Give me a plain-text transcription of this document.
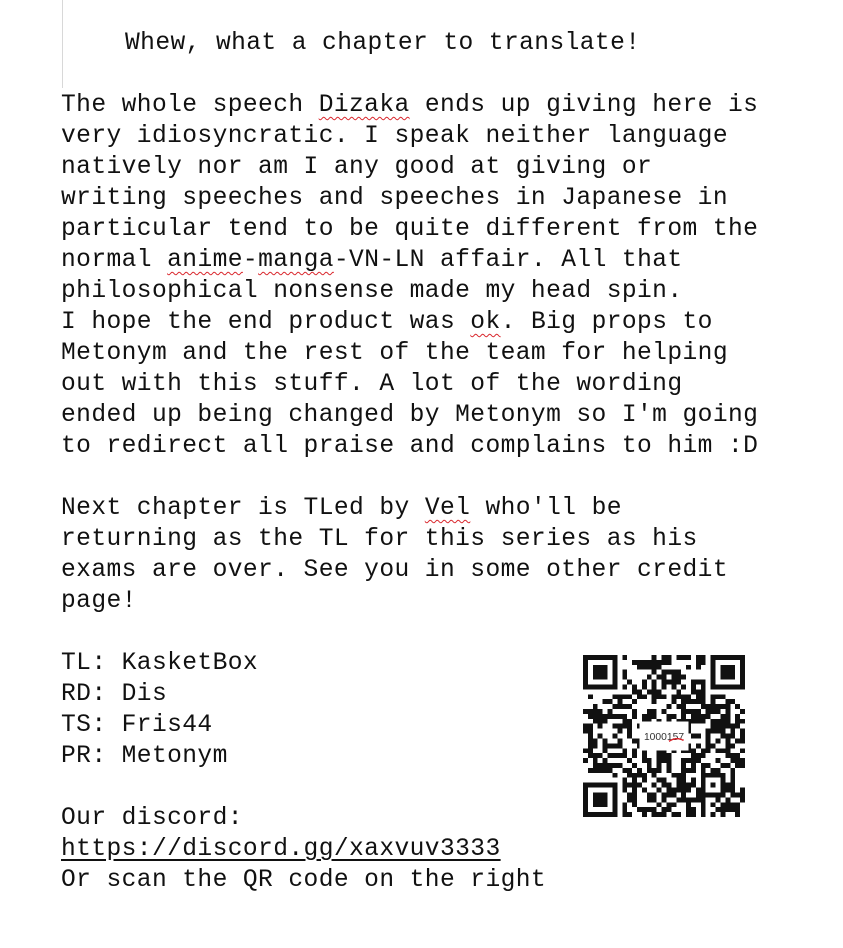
Whew, what a chapter to translate!
The whole speech Dizaka ends up giving here is
very idiosyncratic. I speak neither language
natively nor am I any good at giving or
writing speeches and speeches in Japanese in
particular tend to be quite different from the
normal anime-manga-VN-LN affair. All that
philosophical nonsense made my head spin.
I hope the end product was ok. Big props to
Metonym and the rest of the team for helping
out with this stuff. A lot of the wording
ended up being changed by Metonym so I'm going
to redirect all praise and complains to him :D
Next chapter is TLed by Vel who'll be
returning as the TL for this series as his
exams are over. See you in some other credit
page!
TL: KasketBox
RD: Dis
TS: Fris44
PR: Metonym
Our discord:
https://discord.gg/xaxvuv3333
Or scan the QR code on the right
1000157
